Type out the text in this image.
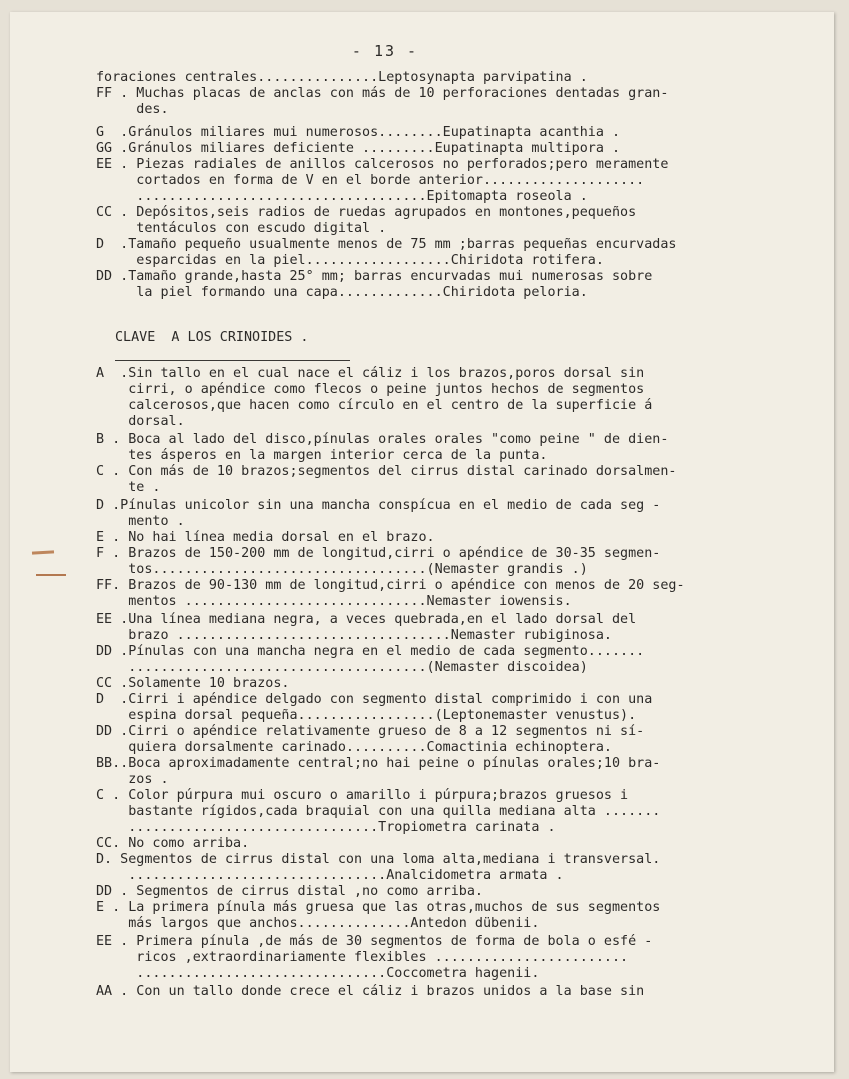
- 13 -
foraciones centrales...............Leptosynapta parvipatina .
FF . Muchas placas de anclas con más de 10 perforaciones dentadas gran-
des.
G  .Gránulos miliares mui numerosos........Eupatinapta acanthia .
GG .Gránulos miliares deficiente .........Eupatinapta multipora .
EE . Piezas radiales de anillos calcerosos no perforados;pero meramente
cortados en forma de V en el borde anterior....................
....................................Epitomapta roseola .
CC . Depósitos,seis radios de ruedas agrupados en montones,pequeños
tentáculos con escudo digital .
D  .Tamaño pequeño usualmente menos de 75 mm ;barras pequeñas encurvadas
esparcidas en la piel..................Chiridota rotifera.
DD .Tamaño grande,hasta 25° mm; barras encurvadas mui numerosas sobre
la piel formando una capa.............Chiridota peloria.
CLAVE  A LOS CRINOIDES .
A  .Sin tallo en el cual nace el cáliz i los brazos,poros dorsal sin
cirri, o apéndice como flecos o peine juntos hechos de segmentos
calcerosos,que hacen como círculo en el centro de la superficie á
dorsal.
B . Boca al lado del disco,pínulas orales orales "como peine " de dien-
tes ásperos en la margen interior cerca de la punta.
C . Con más de 10 brazos;segmentos del cirrus distal carinado dorsalmen-
te .
D .Pínulas unicolor sin una mancha conspícua en el medio de cada seg -
mento .
E . No hai línea media dorsal en el brazo.
F . Brazos de 150-200 mm de longitud,cirri o apéndice de 30-35 segmen-
tos..................................(Nemaster grandis .)
FF. Brazos de 90-130 mm de longitud,cirri o apéndice con menos de 20 seg-
mentos ..............................Nemaster iowensis.
EE .Una línea mediana negra, a veces quebrada,en el lado dorsal del
brazo ..................................Nemaster rubiginosa.
DD .Pínulas con una mancha negra en el medio de cada segmento.......
.....................................(Nemaster discoidea)
CC .Solamente 10 brazos.
D  .Cirri i apéndice delgado con segmento distal comprimido i con una
espina dorsal pequeña.................(Leptonemaster venustus).
DD .Cirri o apéndice relativamente grueso de 8 a 12 segmentos ni sí-
quiera dorsalmente carinado..........Comactinia echinoptera.
BB..Boca aproximadamente central;no hai peine o pínulas orales;10 bra-
zos .
C . Color púrpura mui oscuro o amarillo i púrpura;brazos gruesos i
bastante rígidos,cada braquial con una quilla mediana alta .......
...............................Tropiometra carinata .
CC. No como arriba.
D. Segmentos de cirrus distal con una loma alta,mediana i transversal.
................................Analcidometra armata .
DD . Segmentos de cirrus distal ,no como arriba.
E . La primera pínula más gruesa que las otras,muchos de sus segmentos
más largos que anchos..............Antedon dübenii.
EE . Primera pínula ,de más de 30 segmentos de forma de bola o esfé -
ricos ,extraordinariamente flexibles ........................
...............................Coccometra hagenii.
AA . Con un tallo donde crece el cáliz i brazos unidos a la base sin
